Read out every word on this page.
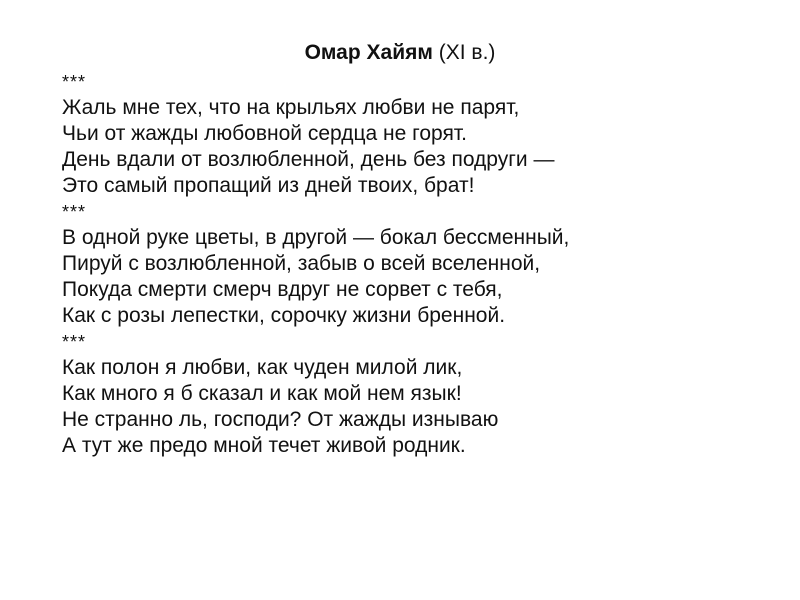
Омар Хайям (XI в.)
***
Жаль мне тех, что на крыльях любви не парят,
Чьи от жажды любовной сердца не горят.
День вдали от возлюбленной, день без подруги —
Это самый пропащий из дней твоих, брат!
***
В одной руке цветы, в другой — бокал бессменный,
Пируй с возлюбленной, забыв о всей вселенной,
Покуда смерти смерч вдруг не сорвет с тебя,
Как с розы лепестки, сорочку жизни бренной.
***
Как полон я любви, как чуден милой лик,
Как много я б сказал и как мой нем язык!
Не странно ль, господи? От жажды изнываю
А тут же предо мной течет живой родник.
